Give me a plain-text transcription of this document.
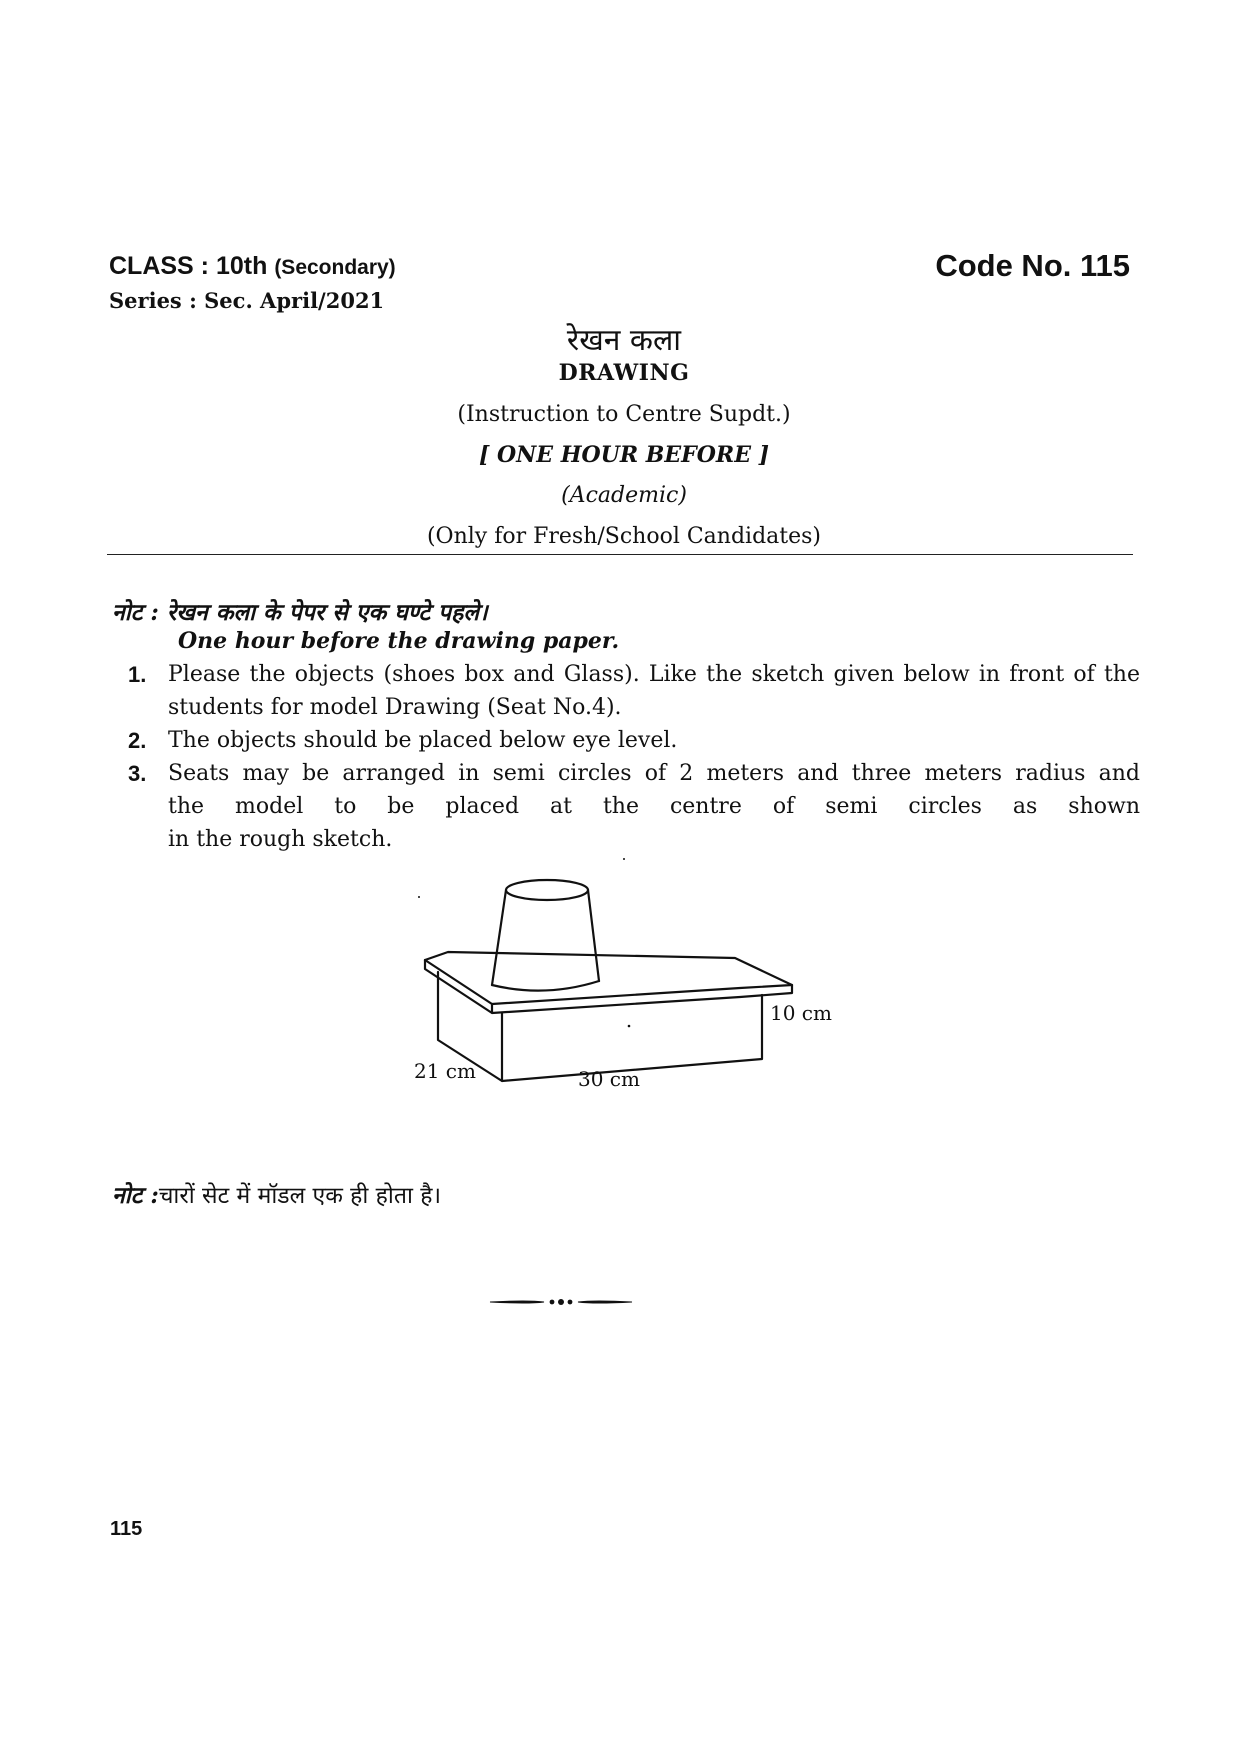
CLASS : 10th (Secondary)
Series : Sec. April/2021
Code No. 115
रेखन कला
DRAWING
(Instruction to Centre Supdt.)
[ ONE HOUR BEFORE ]
(Academic)
(Only for Fresh/School Candidates)
नोट : रेखन कला के पेपर से एक घण्टे पहले।
One hour before the drawing paper.
1. Please the objects (shoes box and Glass). Like the sketch given below in front of the students for model Drawing (Seat No.4).
2. The objects should be placed below eye level.
3. Seats may be arranged in semi circles of 2 meters and three meters radius and
the model to be placed at the centre of semi circles as shown
in the rough sketch.
10 cm
21 cm	30 cm
नोट :चारों सेट में मॉडल एक ही होता है।
115
